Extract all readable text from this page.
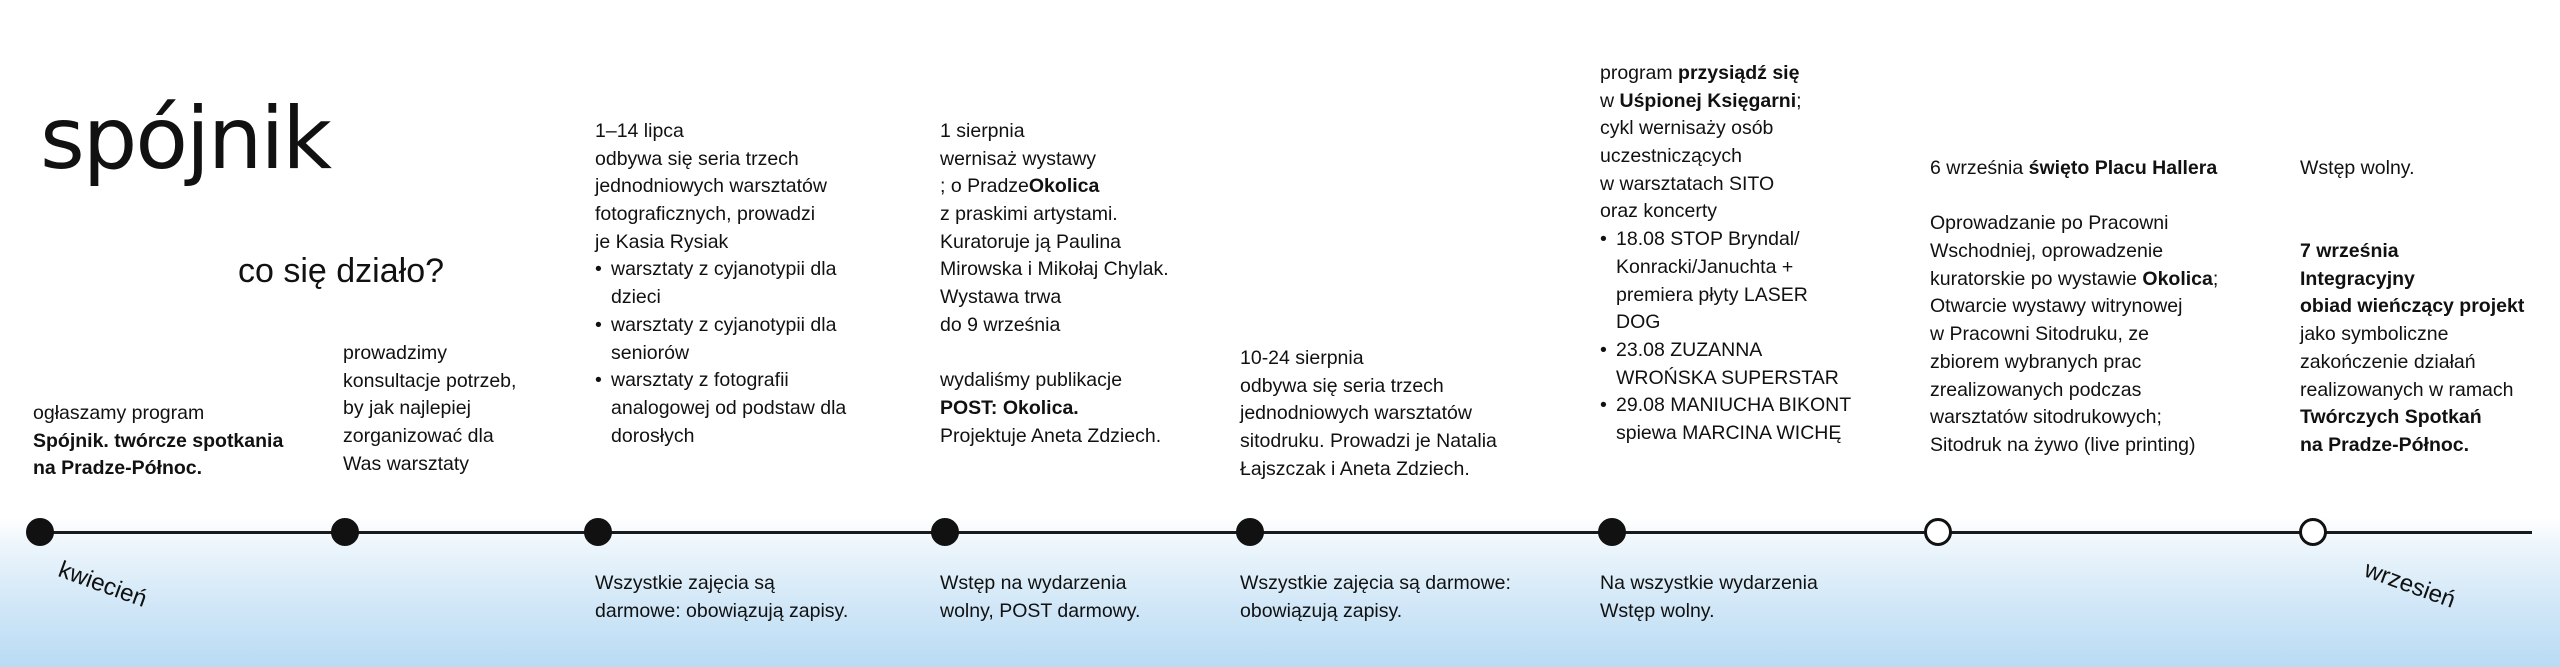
spójnik
co się działo?
kwiecień	wrzesień

ogłaszamy program

Spójnik. twórcze spotkania

na Pradze-Północ.

prowadzimy

konsultacje potrzeb,

by jak najlepiej

zorganizować dla

Was warsztaty

1–14 lipca

odbywa się seria trzech

jednodniowych warsztatów

fotograficznych, prowadzi

je Kasia Rysiak

• warsztaty z cyjanotypii dla
dzieci
• warsztaty z cyjanotypii dla
seniorów
• warsztaty z fotografii
analogowej od podstaw dla
dorosłych

1 sierpnia

wernisaż wystawy

; o PradzeOkolica

z praskimi artystami.

Kuratoruje ją Paulina

Mirowska i Mikołaj Chylak.

Wystawa trwa

do 9 września

wydaliśmy publikacje

POST: Okolica.

Projektuje Aneta Zdziech.

10-24 sierpnia

odbywa się seria trzech

jednodniowych warsztatów

sitodruku. Prowadzi je Natalia

Łajszczak i Aneta Zdziech.

program przysiądź się

w Uśpionej Księgarni;

cykl wernisaży osób

uczestniczących

w warsztatach SITO

oraz koncerty

• 18.08 STOP Bryndal/
Konracki/Januchta +
premiera płyty LASER
DOG
• 23.08 ZUZANNA
WROŃSKA SUPERSTAR
• 29.08 MANIUCHA BIKONT
spiewa MARCINA WICHĘ

6 września święto Placu Hallera

Oprowadzanie po Pracowni

Wschodniej, oprowadzenie

kuratorskie po wystawie Okolica;

Otwarcie wystawy witrynowej

w Pracowni Sitodruku, ze

zbiorem wybranych prac

zrealizowanych podczas

warsztatów sitodrukowych;

Sitodruk na żywo (live printing)

Wstęp wolny.

7 września

Integracyjny

obiad wieńczący projekt

jako symboliczne

zakończenie działań

realizowanych w ramach

Twórczych Spotkań

na Pradze-Północ.

Wszystkie zajęcia są

darmowe: obowiązują zapisy.

Wstęp na wydarzenia

wolny, POST darmowy.

Wszystkie zajęcia są darmowe:

obowiązują zapisy.

Na wszystkie wydarzenia

Wstęp wolny.
